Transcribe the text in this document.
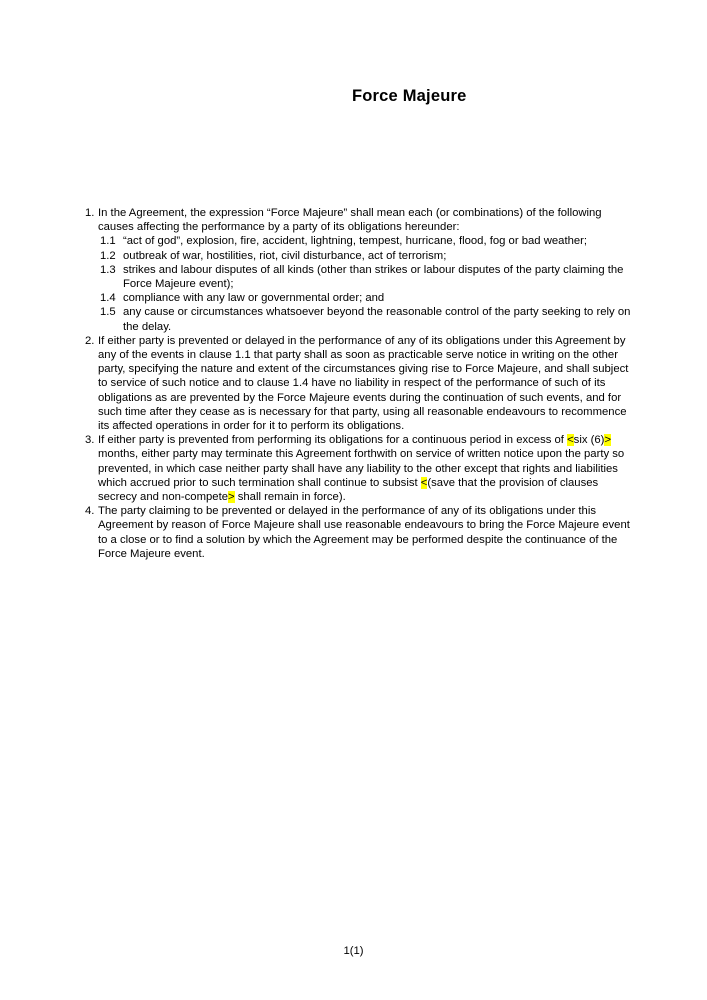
Force Majeure
1. In the Agreement, the expression “Force Majeure” shall mean each (or combinations) of the following causes affecting the performance by a party of its obligations hereunder:
1.1 “act of god”, explosion, fire, accident, lightning, tempest, hurricane, flood, fog or bad weather;
1.2 outbreak of war, hostilities, riot, civil disturbance, act of terrorism;
1.3 strikes and labour disputes of all kinds (other than strikes or labour disputes of the party claiming the Force Majeure event);
1.4 compliance with any law or governmental order; and
1.5 any cause or circumstances whatsoever beyond the reasonable control of the party seeking to rely on the delay.
2. If either party is prevented or delayed in the performance of any of its obligations under this Agreement by any of the events in clause 1.1 that party shall as soon as practicable serve notice in writing on the other party, specifying the nature and extent of the circumstances giving rise to Force Majeure, and shall subject to service of such notice and to clause 1.4 have no liability in respect of the performance of such of its obligations as are prevented by the Force Majeure events during the continuation of such events, and for such time after they cease as is necessary for that party, using all reasonable endeavours to recommence its affected operations in order for it to perform its obligations.
3. If either party is prevented from performing its obligations for a continuous period in excess of <six (6)> months, either party may terminate this Agreement forthwith on service of written notice upon the party so prevented, in which case neither party shall have any liability to the other except that rights and liabilities which accrued prior to such termination shall continue to subsist <(save that the provision of clauses secrecy and non-compete> shall remain in force).
4. The party claiming to be prevented or delayed in the performance of any of its obligations under this Agreement by reason of Force Majeure shall use reasonable endeavours to bring the Force Majeure event to a close or to find a solution by which the Agreement may be performed despite the continuance of the Force Majeure event.
1(1)
